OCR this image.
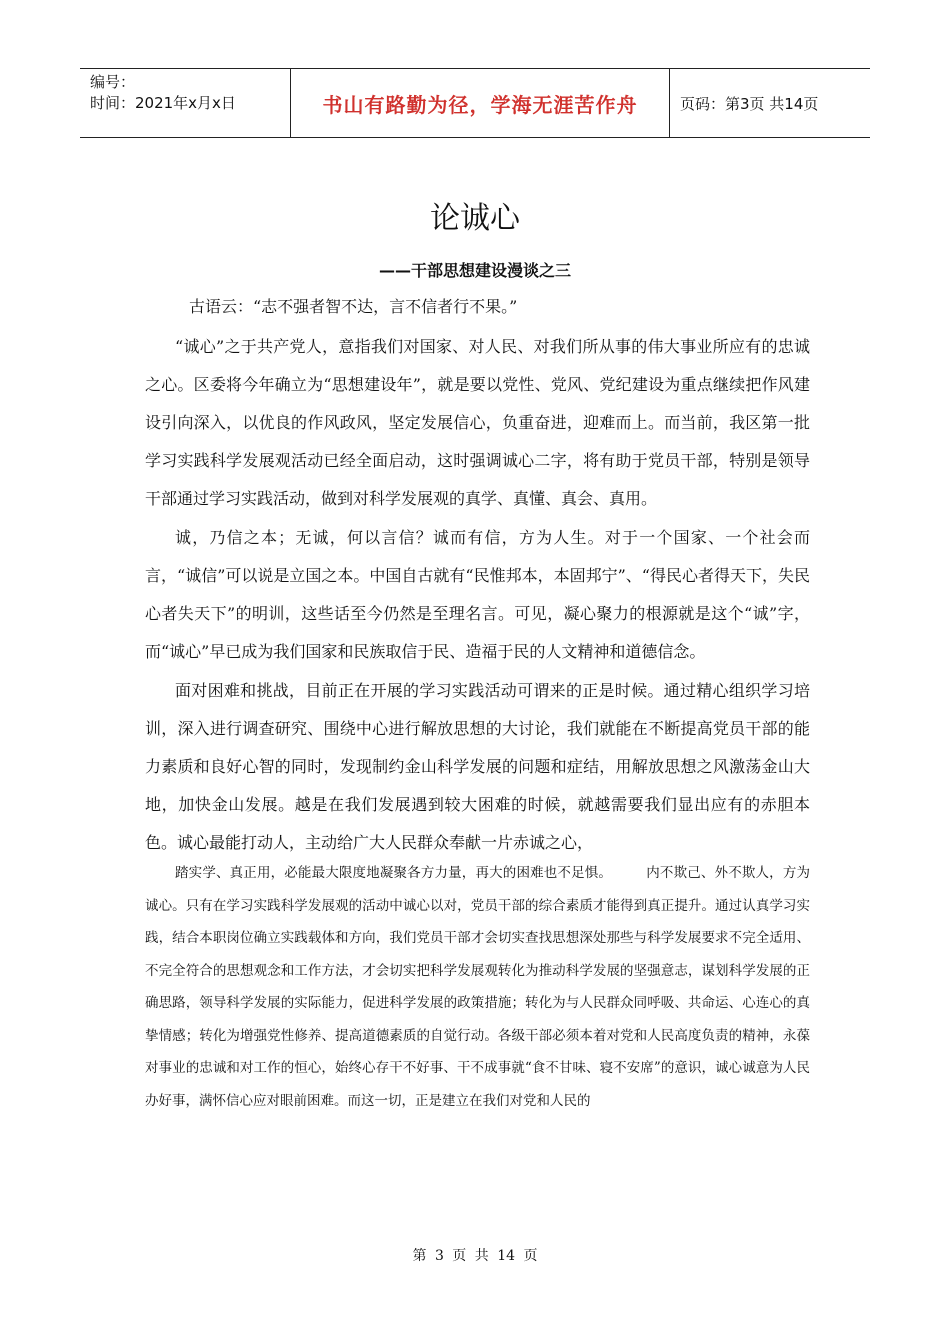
编号：
时间：2021年x月x日	书山有路勤为径，学海无涯苦作舟	页码：第3页 共14页
论诚心
——干部思想建设漫谈之三

古语云：“志不强者智不达，言不信者行不果。”

“诚心”之于共产党人，意指我们对国家、对人民、对我们所从事的伟大事业所应有的忠诚之心。区委将今年确立为“思想建设年”，就是要以党性、党风、党纪建设为重点继续把作风建设引向深入，以优良的作风政风，坚定发展信心，负重奋进，迎难而上。而当前，我区第一批学习实践科学发展观活动已经全面启动，这时强调诚心二字，将有助于党员干部，特别是领导干部通过学习实践活动，做到对科学发展观的真学、真懂、真会、真用。

诚，乃信之本；无诚，何以言信？诚而有信，方为人生。对于一个国家、一个社会而言，“诚信”可以说是立国之本。中国自古就有“民惟邦本，本固邦宁”、“得民心者得天下，失民心者失天下”的明训，这些话至今仍然是至理名言。可见，凝心聚力的根源就是这个“诚”字，而“诚心”早已成为我们国家和民族取信于民、造福于民的人文精神和道德信念。

面对困难和挑战，目前正在开展的学习实践活动可谓来的正是时候。通过精心组织学习培训，深入进行调查研究、围绕中心进行解放思想的大讨论，我们就能在不断提高党员干部的能力素质和良好心智的同时，发现制约金山科学发展的问题和症结，用解放思想之风激荡金山大地，加快金山发展。越是在我们发展遇到较大困难的时候，就越需要我们显出应有的赤胆本色。诚心最能打动人，主动给广大人民群众奉献一片赤诚之心，

踏实学、真正用，必能最大限度地凝聚各方力量，再大的困难也不足惧。　　　内不欺己、外不欺人，方为诚心。只有在学习实践科学发展观的活动中诚心以对，党员干部的综合素质才能得到真正提升。通过认真学习实践，结合本职岗位确立实践载体和方向，我们党员干部才会切实查找思想深处那些与科学发展要求不完全适用、不完全符合的思想观念和工作方法，才会切实把科学发展观转化为推动科学发展的坚强意志，谋划科学发展的正确思路，领导科学发展的实际能力，促进科学发展的政策措施；转化为与人民群众同呼吸、共命运、心连心的真挚情感；转化为增强党性修养、提高道德素质的自觉行动。各级干部必须本着对党和人民高度负责的精神，永葆对事业的忠诚和对工作的恒心，始终心存干不好事、干不成事就“食不甘味、寝不安席”的意识，诚心诚意为人民办好事，满怀信心应对眼前困难。而这一切，正是建立在我们对党和人民的

第 3 页 共 14 页
